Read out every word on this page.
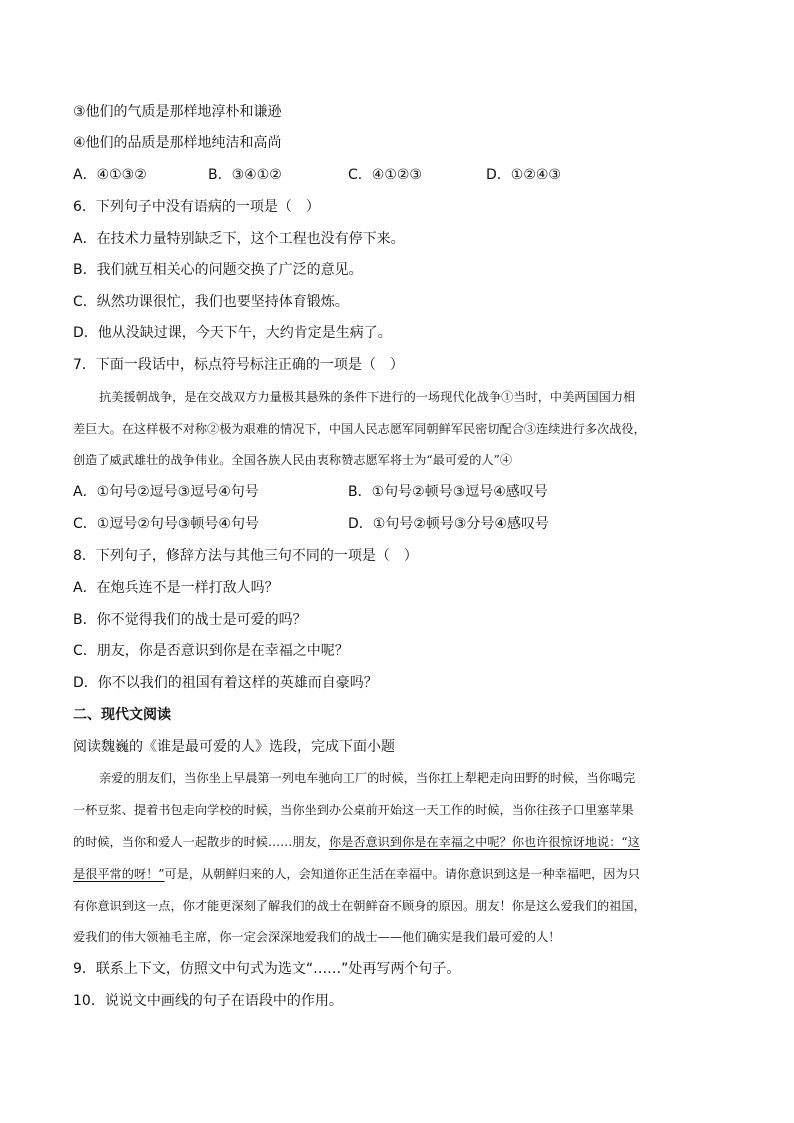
③他们的气质是那样地淳朴和谦逊
④他们的品质是那样地纯洁和高尚
A．④①③②	B．③④①②	C．④①②③	D．①②④③
6．下列句子中没有语病的一项是（　）
A．在技术力量特别缺乏下，这个工程也没有停下来。
B．我们就互相关心的问题交换了广泛的意见。
C．纵然功课很忙，我们也要坚持体育锻炼。
D．他从没缺过课，今天下午，大约肯定是生病了。
7．下面一段话中，标点符号标注正确的一项是（　）
抗美援朝战争，是在交战双方力量极其悬殊的条件下进行的一场现代化战争①当时，中美两国国力相
差巨大。在这样极不对称②极为艰难的情况下，中国人民志愿军同朝鲜军民密切配合③连续进行多次战役，
创造了威武雄壮的战争伟业。全国各族人民由衷称赞志愿军将士为“最可爱的人”④
A．①句号②逗号③逗号④句号	B．①句号②顿号③逗号④感叹号
C．①逗号②句号③顿号④句号	D．①句号②顿号③分号④感叹号
8．下列句子，修辞方法与其他三句不同的一项是（　）
A．在炮兵连不是一样打敌人吗？
B．你不觉得我们的战士是可爱的吗？
C．朋友，你是否意识到你是在幸福之中呢？
D．你不以我们的祖国有着这样的英雄而自豪吗？
二、现代文阅读
阅读魏巍的《谁是最可爱的人》选段，完成下面小题
亲爱的朋友们，当你坐上早晨第一列电车驰向工厂的时候，当你扛上犁耙走向田野的时候，当你喝完
一杯豆浆、提着书包走向学校的时候，当你坐到办公桌前开始这一天工作的时候，当你往孩子口里塞苹果
的时候，当你和爱人一起散步的时候……朋友，你是否意识到你是在幸福之中呢？你也许很惊讶地说：“这
是很平常的呀！”可是，从朝鲜归来的人，会知道你正生活在幸福中。请你意识到这是一种幸福吧，因为只
有你意识到这一点，你才能更深刻了解我们的战士在朝鲜奋不顾身的原因。朋友！你是这么爱我们的祖国，
爱我们的伟大领袖毛主席，你一定会深深地爱我们的战士——他们确实是我们最可爱的人！
9．联系上下文，仿照文中句式为选文“……”处再写两个句子。
10．说说文中画线的句子在语段中的作用。
